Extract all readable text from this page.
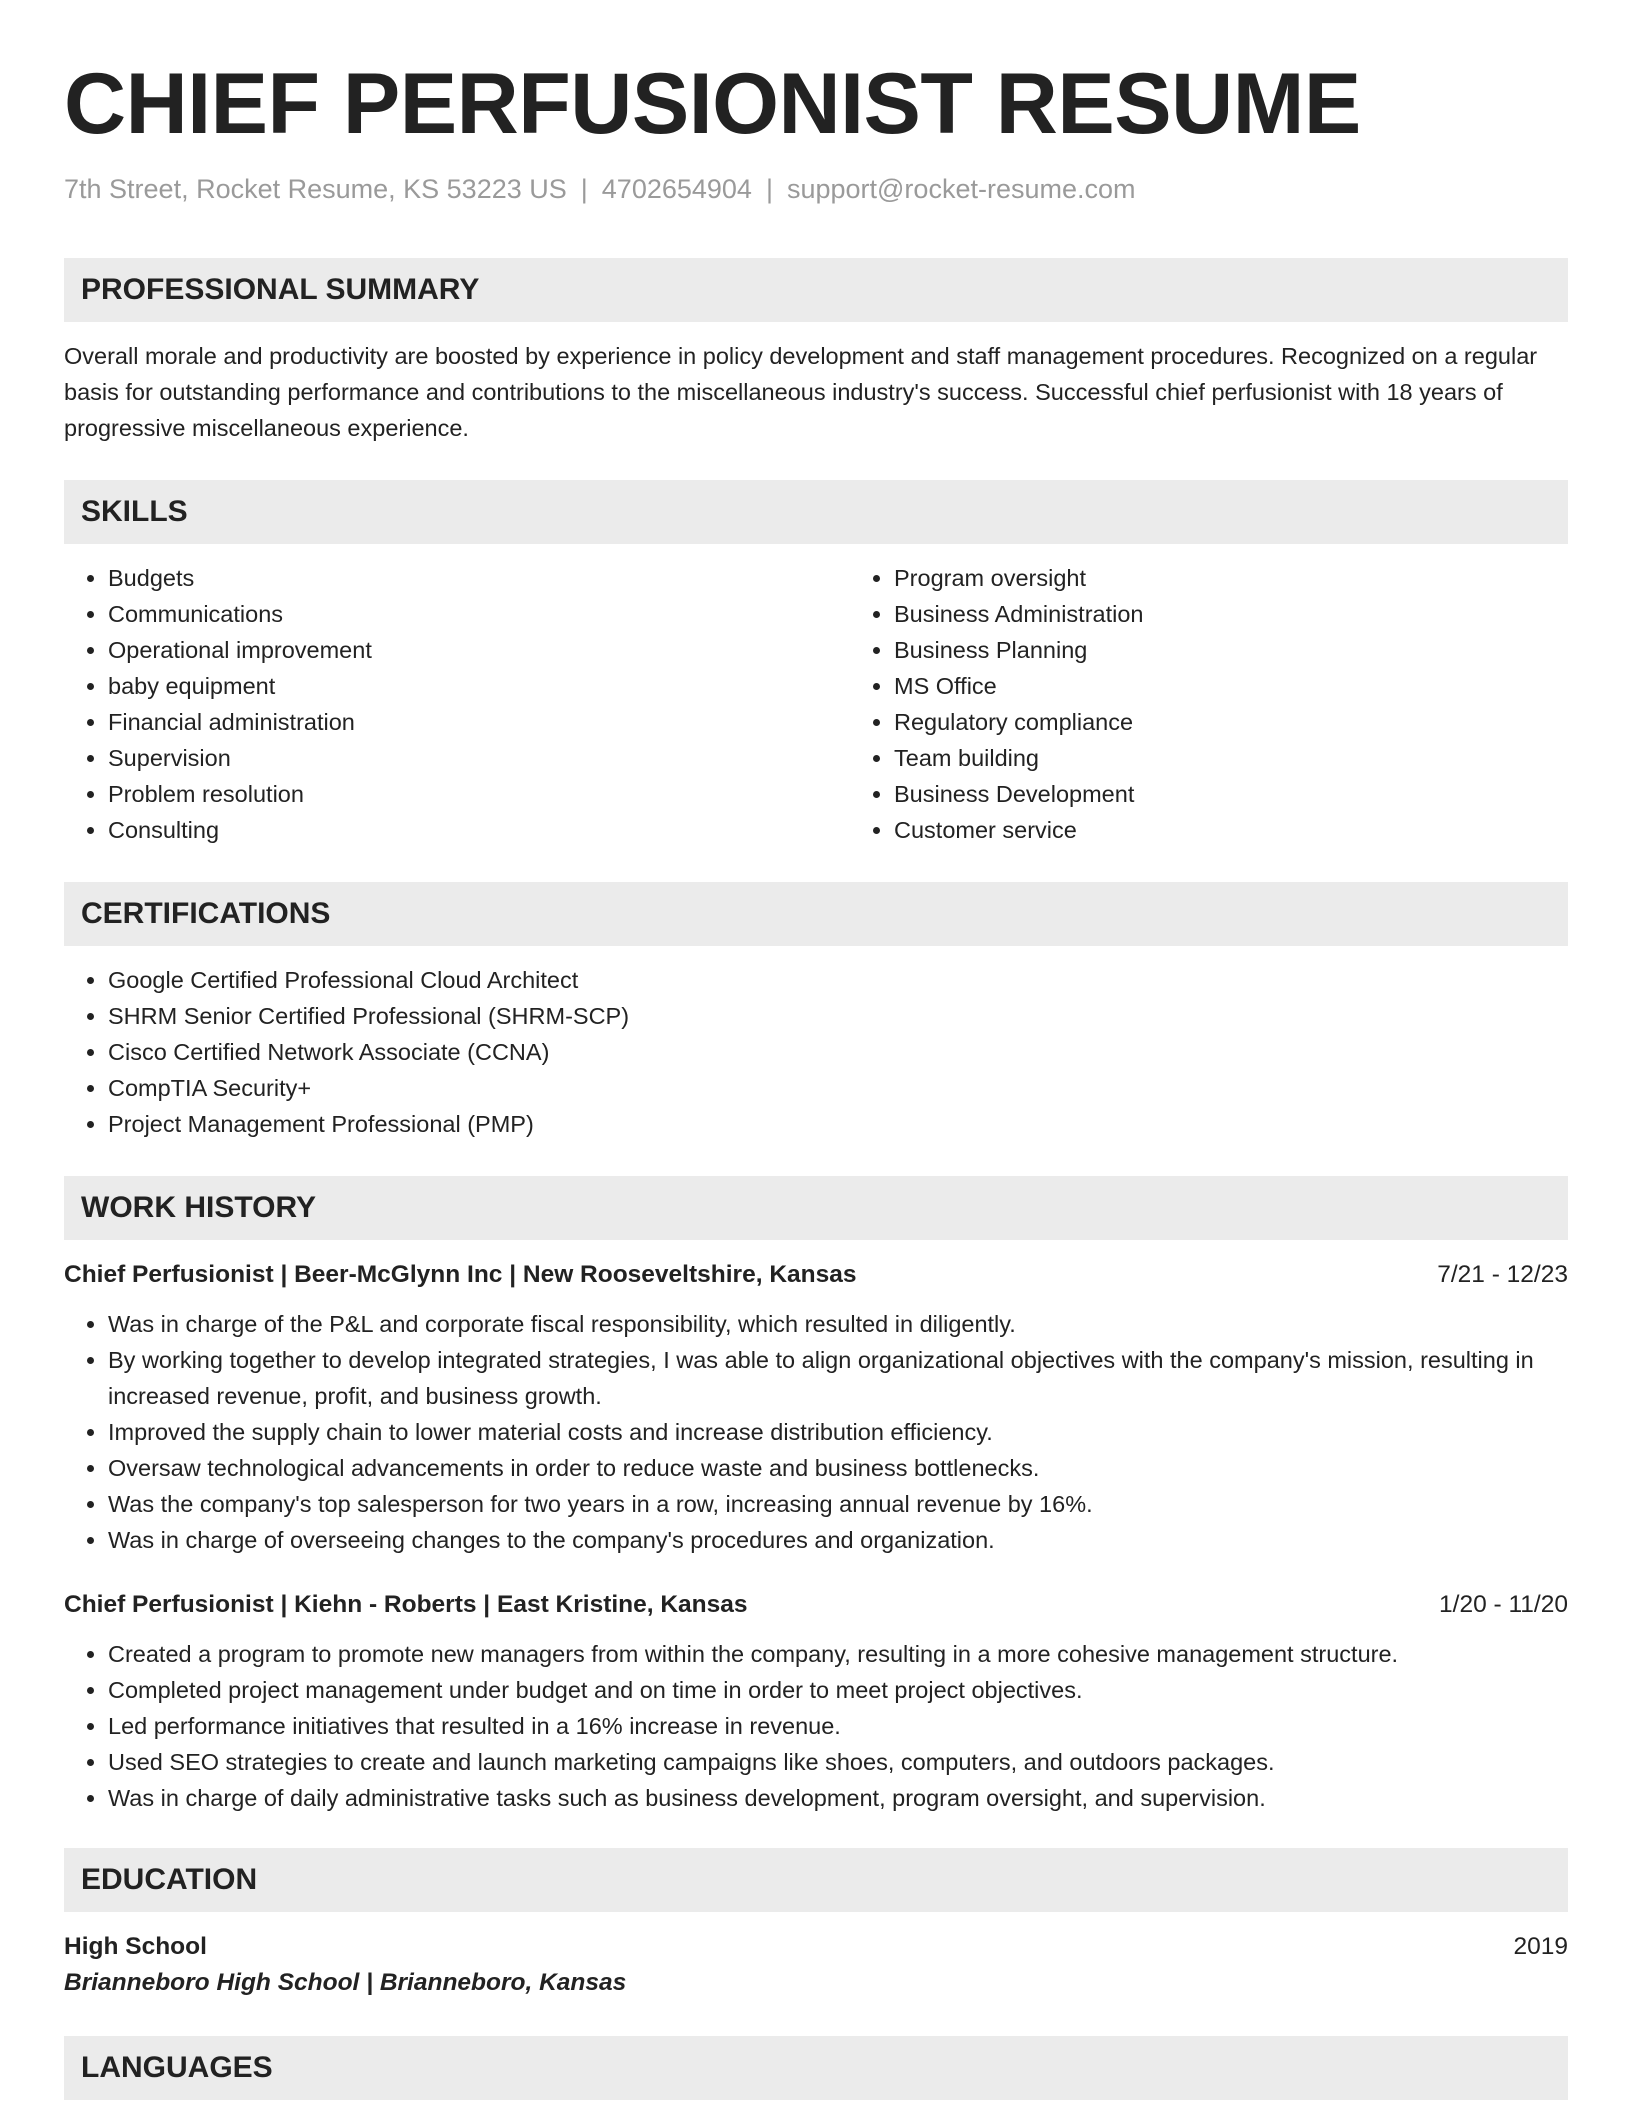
CHIEF PERFUSIONIST RESUME
7th Street, Rocket Resume, KS 53223 US | 4702654904 | support@rocket-resume.com
PROFESSIONAL SUMMARY

Overall morale and productivity are boosted by experience in policy development and staff management procedures. Recognized on a regular basis for outstanding performance and contributions to the miscellaneous industry's success. Successful chief perfusionist with 18 years of progressive miscellaneous experience.

SKILLS
• Budgets
• Communications
• Operational improvement
• baby equipment
• Financial administration
• Supervision
• Problem resolution
• Consulting
• Program oversight
• Business Administration
• Business Planning
• MS Office
• Regulatory compliance
• Team building
• Business Development
• Customer service
CERTIFICATIONS
• Google Certified Professional Cloud Architect
• SHRM Senior Certified Professional (SHRM-SCP)
• Cisco Certified Network Associate (CCNA)
• CompTIA Security+
• Project Management Professional (PMP)
WORK HISTORY
Chief Perfusionist | Beer-McGlynn Inc | New Rooseveltshire, Kansas	7/21 - 12/23
• Was in charge of the P&L and corporate fiscal responsibility, which resulted in diligently.
• By working together to develop integrated strategies, I was able to align organizational objectives with the company's mission, resulting in increased revenue, profit, and business growth.
• Improved the supply chain to lower material costs and increase distribution efficiency.
• Oversaw technological advancements in order to reduce waste and business bottlenecks.
• Was the company's top salesperson for two years in a row, increasing annual revenue by 16%.
• Was in charge of overseeing changes to the company's procedures and organization.
Chief Perfusionist | Kiehn - Roberts | East Kristine, Kansas	1/20 - 11/20
• Created a program to promote new managers from within the company, resulting in a more cohesive management structure.
• Completed project management under budget and on time in order to meet project objectives.
• Led performance initiatives that resulted in a 16% increase in revenue.
• Used SEO strategies to create and launch marketing campaigns like shoes, computers, and outdoors packages.
• Was in charge of daily administrative tasks such as business development, program oversight, and supervision.
EDUCATION
High School	2019
Brianneboro High School | Brianneboro, Kansas
LANGUAGES
